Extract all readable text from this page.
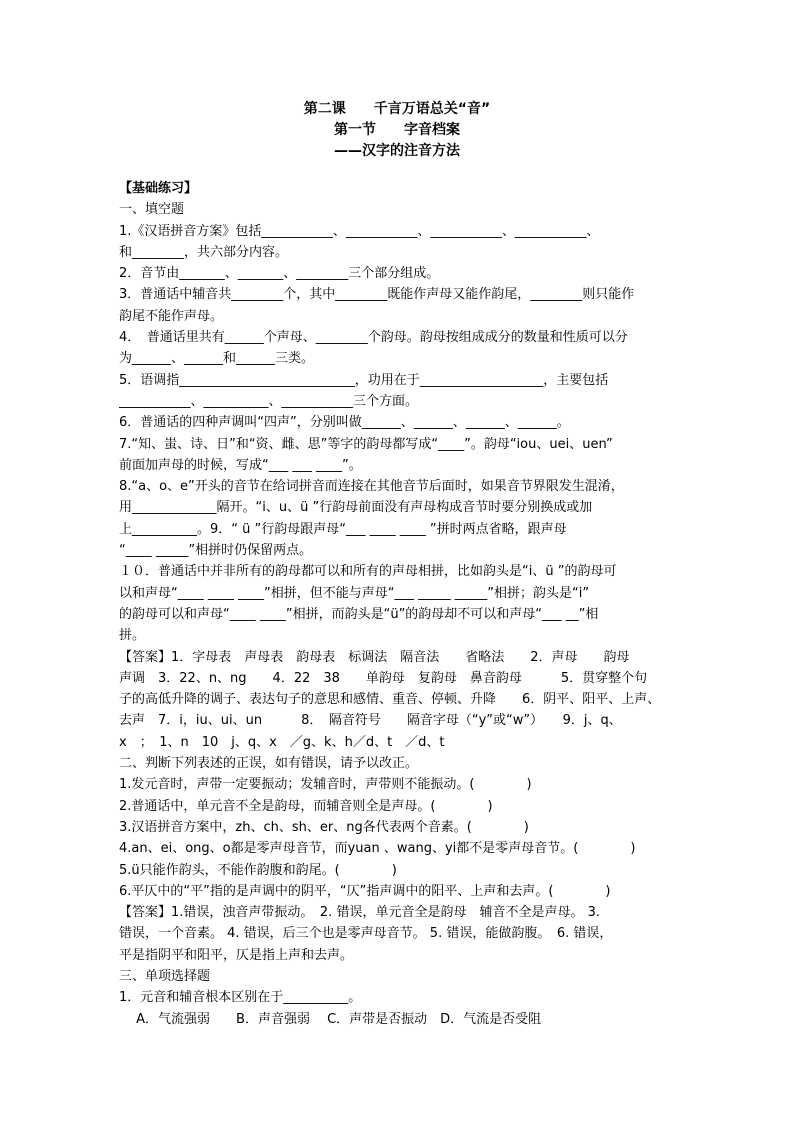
第二课　　千言万语总关“音”
第一节　　字音档案
——汉字的注音方法
【基础练习】
一、填空题
1.《汉语拼音方案》包括___________、___________、___________、___________、
和________，共六部分内容。
2．音节由_______、_______、________三个部分组成。
3．普通话中辅音共________个，其中________既能作声母又能作韵尾，________则只能作
韵尾不能作声母。
4．　普通话里共有______个声母、________个韵母。韵母按组成成分的数量和性质可以分
为______、______和______三类。
5．语调指___________________________，功用在于___________________，主要包括
___________、__________、___________三个方面。
6．普通话的四种声调叫“四声”，分别叫做______、______、______、______。
7.“知、蚩、诗、日”和“资、雌、思”等字的韵母都写成“____”。韵母“iou、uei、uen”
前面加声母的时候，写成“___ ___ ____”。
8.“a、o、e”开头的音节在给词拼音而连接在其他音节后面时，如果音节界限发生混淆，
用_____________隔开。“i、u、ü ”行韵母前面没有声母构成音节时要分别换成或加
上__________。9．“ ü ”行韵母跟声母“___ ____ ____ ”拼时两点省略，跟声母
“____ _____”相拼时仍保留两点。
１０．普通话中并非所有的韵母都可以和所有的声母相拼，比如韵头是“i、ü ”的韵母可
以和声母“____ ____ ____”相拼，但不能与声母“___ _____ _____”相拼；韵头是“i”
的韵母可以和声母“____ ____”相拼，而韵头是“ü”的韵母却不可以和声母“___ __”相
拼。
【答案】1．字母表　声母表　韵母表　标调法　隔音法　　省略法　　2．声母　　韵母
声调　3．22、n、ng　　4．22　38　　单韵母　复韵母　鼻音韵母　　　5．贯穿整个句
子的高低升降的调子、表达句子的意思和感情、重音、停顿、升降　　6．阴平、阳平、上声、
去声　7．i，iu、ui、un　　　8．　隔音符号　　隔音字母（“y”或“w”）　　9．j、q、
x　；　1、n　10　j、q、x　／g、k、h／d、t　／d、t
二、判断下列表述的正误，如有错误，请予以改正。
1.发元音时，声带一定要振动；发辅音时，声带则不能振动。(　　　　)
2.普通话中，单元音不全是韵母，而辅音则全是声母。(　　　　)
3.汉语拼音方案中，zh、ch、sh、er、ng各代表两个音素。(　　　　)
4.an、ei、ong、o都是零声母音节，而yuan 、wang、yi都不是零声母音节。(　　　　)
5.ü只能作韵头，不能作韵腹和韵尾。(　　　　)
6.平仄中的“平”指的是声调中的阴平，“仄”指声调中的阳平、上声和去声。(　　　　)
【答案】1.错误，浊音声带振动。　2. 错误，单元音全是韵母　辅音不全是声母。 3.
错误，一个音素。 4. 错误，后三个也是零声母音节。 5. 错误，能做韵腹。　6. 错误，
平是指阴平和阳平，仄是指上声和去声。
三、单项选择题
1．元音和辅音根本区别在于__________。
　 A．气流强弱　　B．声音强弱　 C．声带是否振动　D．气流是否受阻
